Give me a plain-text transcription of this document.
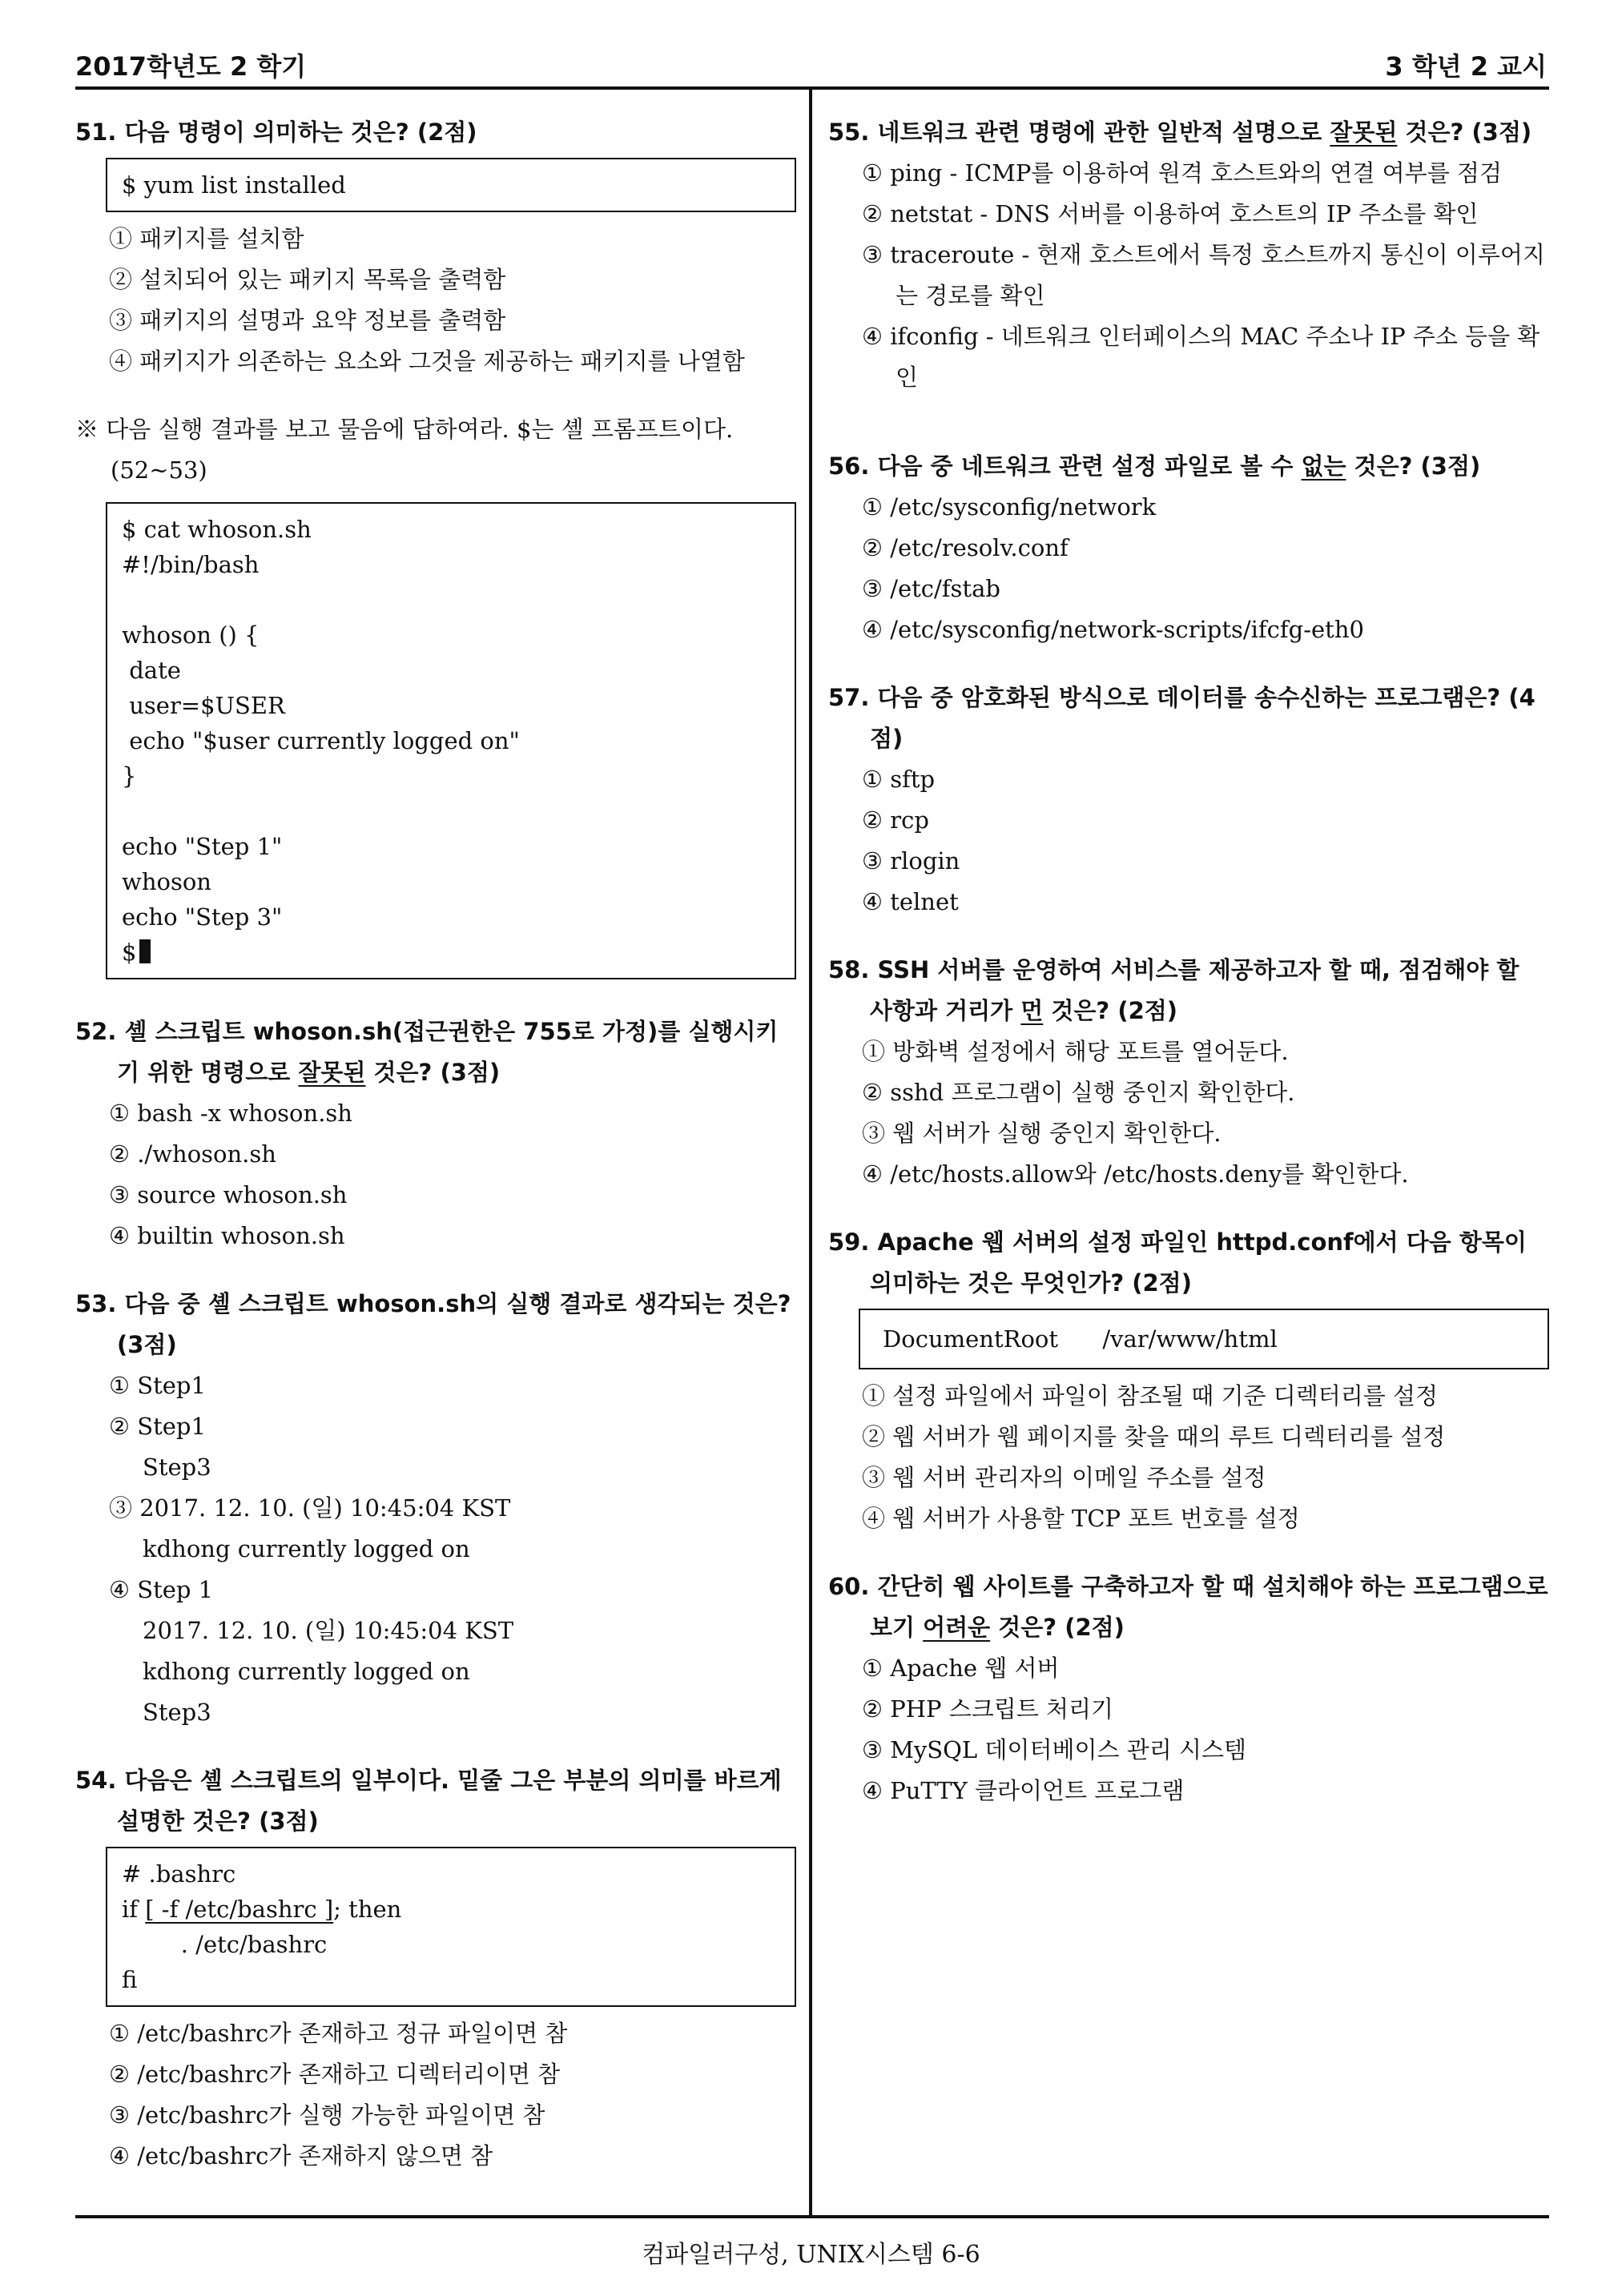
2017학년도 2 학기	3 학년 2 교시
51. 다음 명령이 의미하는 것은? (2점)
$ yum list installed
① 패키지를 설치함
② 설치되어 있는 패키지 목록을 출력함
③ 패키지의 설명과 요약 정보를 출력함
④ 패키지가 의존하는 요소와 그것을 제공하는 패키지를 나열함
※ 다음 실행 결과를 보고 물음에 답하여라. $는 셸 프롬프트이다. (52~53)
$ cat whoson.sh
#!/bin/bash
whoson () {
date
user=$USER
echo "$user currently logged on"
}
echo "Step 1"
whoson
echo "Step 3"
$
52. 셸 스크립트 whoson.sh(접근권한은 755로 가정)를 실행시키기 위한 명령으로 잘못된 것은? (3점)
① bash -x whoson.sh
② ./whoson.sh
③ source whoson.sh
④ builtin whoson.sh
53. 다음 중 셸 스크립트 whoson.sh의 실행 결과로 생각되는 것은? (3점)
① Step1
② Step1
Step3
③ 2017. 12. 10. (일) 10:45:04 KST
kdhong currently logged on
④ Step 1
2017. 12. 10. (일) 10:45:04 KST
kdhong currently logged on
Step3
54. 다음은 셸 스크립트의 일부이다. 밑줄 그은 부분의 의미를 바르게 설명한 것은? (3점)
# .bashrc
if [ -f /etc/bashrc ]; then
. /etc/bashrc
fi
① /etc/bashrc가 존재하고 정규 파일이면 참
② /etc/bashrc가 존재하고 디렉터리이면 참
③ /etc/bashrc가 실행 가능한 파일이면 참
④ /etc/bashrc가 존재하지 않으면 참
55. 네트워크 관련 명령에 관한 일반적 설명으로 잘못된 것은? (3점)
① ping - ICMP를 이용하여 원격 호스트와의 연결 여부를 점검
② netstat - DNS 서버를 이용하여 호스트의 IP 주소를 확인
③ traceroute - 현재 호스트에서 특정 호스트까지 통신이 이루어지는 경로를 확인
④ ifconfig - 네트워크 인터페이스의 MAC 주소나 IP 주소 등을 확인
56. 다음 중 네트워크 관련 설정 파일로 볼 수 없는 것은? (3점)
① /etc/sysconfig/network
② /etc/resolv.conf
③ /etc/fstab
④ /etc/sysconfig/network-scripts/ifcfg-eth0
57. 다음 중 암호화된 방식으로 데이터를 송수신하는 프로그램은? (4점)
① sftp
② rcp
③ rlogin
④ telnet
58. SSH 서버를 운영하여 서비스를 제공하고자 할 때, 점검해야 할 사항과 거리가 먼 것은? (2점)
① 방화벽 설정에서 해당 포트를 열어둔다.
② sshd 프로그램이 실행 중인지 확인한다.
③ 웹 서버가 실행 중인지 확인한다.
④ /etc/hosts.allow와 /etc/hosts.deny를 확인한다.
59. Apache 웹 서버의 설정 파일인 httpd.conf에서 다음 항목이 의미하는 것은 무엇인가? (2점)
DocumentRoot      /var/www/html
① 설정 파일에서 파일이 참조될 때 기준 디렉터리를 설정
② 웹 서버가 웹 페이지를 찾을 때의 루트 디렉터리를 설정
③ 웹 서버 관리자의 이메일 주소를 설정
④ 웹 서버가 사용할 TCP 포트 번호를 설정
60. 간단히 웹 사이트를 구축하고자 할 때 설치해야 하는 프로그램으로 보기 어려운 것은? (2점)
① Apache 웹 서버
② PHP 스크립트 처리기
③ MySQL 데이터베이스 관리 시스템
④ PuTTY 클라이언트 프로그램
컴파일러구성, UNIX시스템 6-6
